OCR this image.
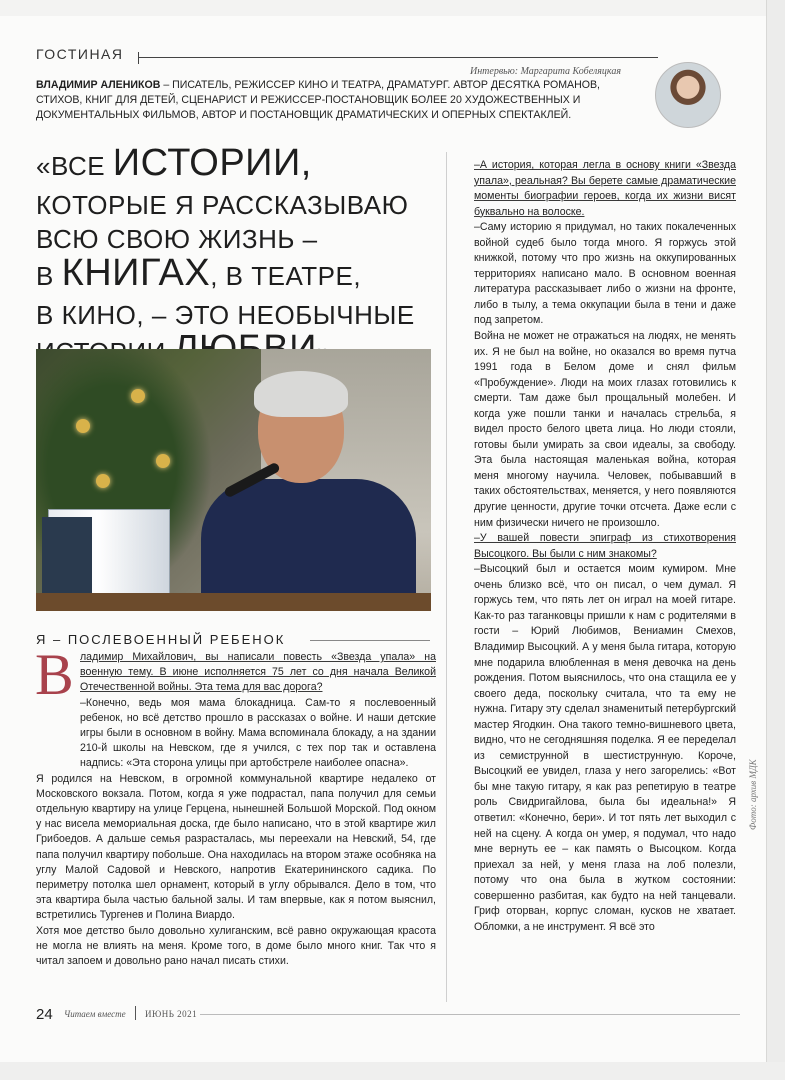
ГОСТИНАЯ
Интервью: Маргарита Кобеляцкая
ВЛАДИМИР АЛЕНИКОВ – ПИСАТЕЛЬ, РЕЖИССЕР КИНО И ТЕАТРА, ДРАМАТУРГ. АВТОР ДЕСЯТКА РОМАНОВ, СТИХОВ, КНИГ ДЛЯ ДЕТЕЙ, СЦЕНАРИСТ И РЕЖИССЕР-ПОСТАНОВЩИК БОЛЕЕ 20 ХУДОЖЕСТВЕННЫХ И ДОКУМЕНТАЛЬНЫХ ФИЛЬМОВ, АВТОР И ПОСТАНОВЩИК ДРАМАТИЧЕСКИХ И ОПЕРНЫХ СПЕКТАКЛЕЙ.
«ВСЕ ИСТОРИИ,
КОТОРЫЕ Я РАССКАЗЫВАЮ
ВСЮ СВОЮ ЖИЗНЬ –
В КНИГАХ, В ТЕАТРЕ,
В КИНО, – ЭТО НЕОБЫЧНЫЕ
Я – ПОСЛЕВОЕННЫЙ РЕБЕНОК
В ладимир Михайлович, вы написали повесть «Звезда упала» на военную тему. В июне исполняется 75 лет со дня начала Великой Отечественной войны. Эта тема для вас дорога?

–Конечно, ведь моя мама блокадница. Сам-то я послевоенный ребенок, но всё детство прошло в рассказах о войне. И наши детские игры были в основном в войну. Мама вспоминала блокаду, а на здании 210-й школы на Невском, где я учился, с тех пор так и оставлена надпись: «Эта сторона улицы при артобстреле наиболее опасна».

Я родился на Невском, в огромной коммунальной квартире недалеко от Московского вокзала. Потом, когда я уже подрастал, папа получил для семьи отдельную квартиру на улице Герцена, нынешней Большой Морской. Под окном у нас висела мемориальная доска, где было написано, что в этой квартире жил Грибоедов. А дальше семья разрасталась, мы переехали на Невский, 54, где папа получил квартиру побольше. Она находилась на втором этаже особняка на углу Малой Садовой и Невского, напротив Екатерининского садика. По периметру потолка шел орнамент, который в углу обрывался. Дело в том, что эта квартира была частью бальной залы. И там впервые, как я потом выяснил, встретились Тургенев и Полина Виардо.

Хотя мое детство было довольно хулиганским, всё равно окружающая красота не могла не влиять на меня. Кроме того, в доме было много книг. Так что я читал запоем и довольно рано начал писать стихи.

–А история, которая легла в основу книги «Звезда упала», реальная? Вы берете самые драматические моменты биографии героев, когда их жизни висят буквально на волоске.

–Саму историю я придумал, но таких покалеченных войной судеб было тогда много. Я горжусь этой книжкой, потому что про жизнь на оккупированных территориях написано мало. В основном военная литература рассказывает либо о жизни на фронте, либо в тылу, а тема оккупации была в тени и даже под запретом.

Война не может не отражаться на людях, не менять их. Я не был на войне, но оказался во время путча 1991 года в Белом доме и снял фильм «Пробуждение». Люди на моих глазах готовились к смерти. Там даже был прощальный молебен. И когда уже пошли танки и началась стрельба, я видел просто белого цвета лица. Но люди стояли, готовы были умирать за свои идеалы, за свободу. Эта была настоящая маленькая война, которая меня многому научила. Человек, побывавший в таких обстоятельствах, меняется, у него появляются другие ценности, другие точки отсчета. Даже если с ним физически ничего не произошло.

–У вашей повести эпиграф из стихотворения Высоцкого. Вы были с ним знакомы?

–Высоцкий был и остается моим кумиром. Мне очень близко всё, что он писал, о чем думал. Я горжусь тем, что пять лет он играл на моей гитаре. Как-то раз таганковцы пришли к нам с родителями в гости – Юрий Любимов, Вениамин Смехов, Владимир Высоцкий. А у меня была гитара, которую мне подарила влюбленная в меня девочка на день рождения. Потом выяснилось, что она стащила ее у своего деда, поскольку считала, что та ему не нужна. Гитару эту сделал знаменитый петербургский мастер Ягодкин. Она такого темно-вишневого цвета, видно, что не сегодняшняя поделка. Я ее переделал из семиструнной в шестиструнную. Короче, Высоцкий ее увидел, глаза у него загорелись: «Вот бы мне такую гитару, я как раз репетирую в театре роль Свидригайлова, была бы идеальна!» Я ответил: «Конечно, бери». И тот пять лет выходил с ней на сцену. А когда он умер, я подумал, что надо мне вернуть ее – как память о Высоцком. Когда приехал за ней, у меня глаза на лоб полезли, потому что она была в жутком состоянии: совершенно разбитая, как будто на ней танцевали. Гриф оторван, корпус сломан, кусков не хватает. Обломки, а не инструмент. Я всё это

24 Читаем вместе ИЮНЬ 2021
Фото: архив МДК
